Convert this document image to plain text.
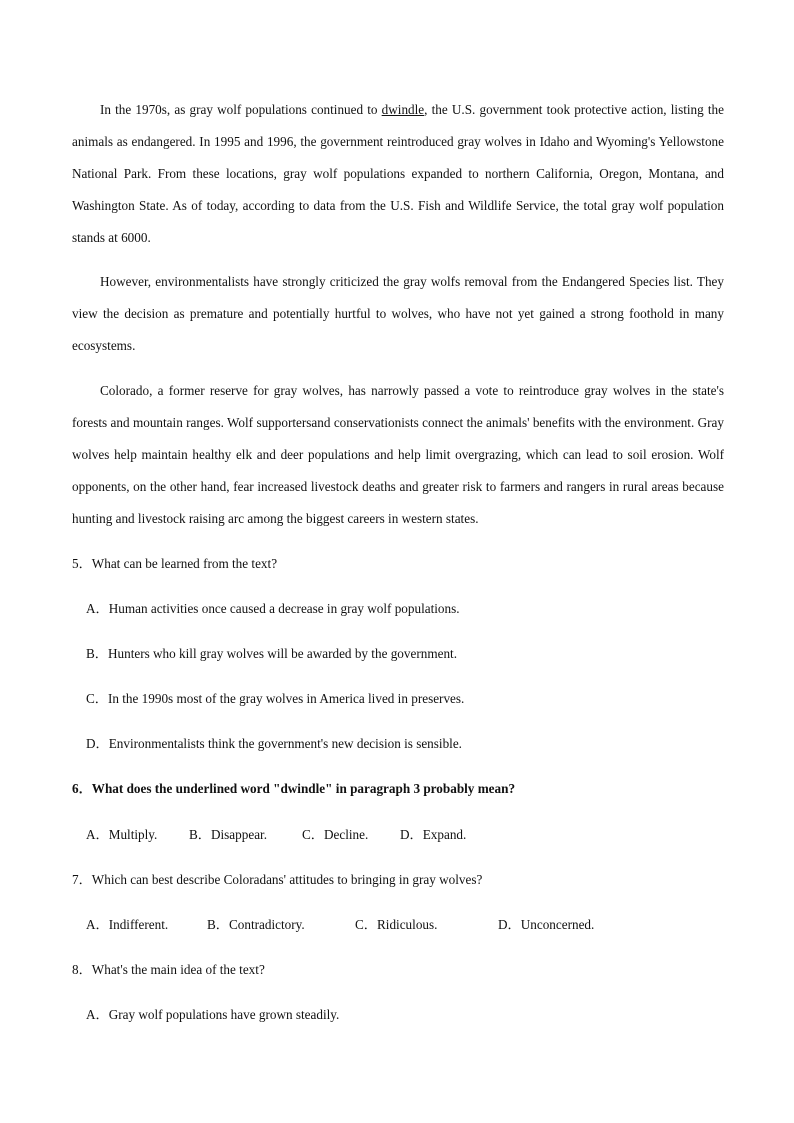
In the 1970s, as gray wolf populations continued to dwindle, the U.S. government took protective action, listing the animals as endangered. In 1995 and 1996, the government reintroduced gray wolves in Idaho and Wyoming's Yellowstone National Park. From these locations, gray wolf populations expanded to northern California, Oregon, Montana, and Washington State. As of today, according to data from the U.S. Fish and Wildlife Service, the total gray wolf population stands at 6000.

However, environmentalists have strongly criticized the gray wolfs removal from the Endangered Species list. They view the decision as premature and potentially hurtful to wolves, who have not yet gained a strong foothold in many ecosystems.

Colorado, a former reserve for gray wolves, has narrowly passed a vote to reintroduce gray wolves in the state's forests and mountain ranges. Wolf supportersand conservationists connect the animals' benefits with the environment. Gray wolves help maintain healthy elk and deer populations and help limit overgrazing, which can lead to soil erosion. Wolf opponents, on the other hand, fear increased livestock deaths and greater risk to farmers and rangers in rural areas because hunting and livestock raising arc among the biggest careers in western states.

5．What can be learned from the text?

A．Human activities once caused a decrease in gray wolf populations.

B．Hunters who kill gray wolves will be awarded by the government.

C．In the 1990s most of the gray wolves in America lived in preserves.

D．Environmentalists think the government's new decision is sensible.

6．What does the underlined word "dwindle" in paragraph 3 probably mean?

A．Multiply. B．Disappear.	C．Decline. D．Expand.

7．Which can best describe Coloradans' attitudes to bringing in gray wolves?

A．Indifferent.	B．Contradictory.	C．Ridiculous.	D．Unconcerned.

8．What's the main idea of the text?

A．Gray wolf populations have grown steadily.
